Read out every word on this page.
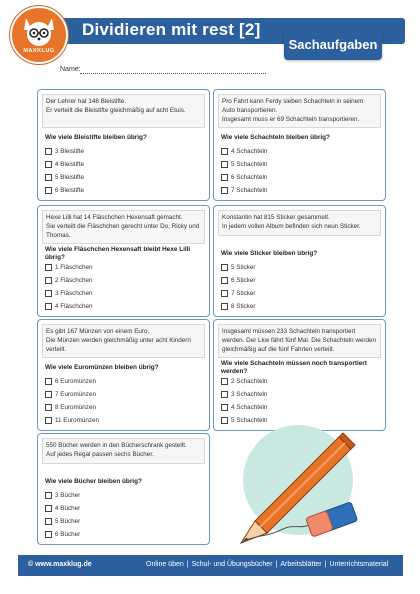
Dividieren mit rest [2]
Sachaufgaben
MAXKLUG
Name:
Der Lehrer hat 148 Bleistifte.
Er verteilt die Bleistifte gleichmäßig auf acht Etuis.
Wie viele Bleistifte bleiben übrig?
3 Bleistifte
4 Bleistifte
5 Bleistifte
6 Bleistifte
Pro Fahrt kann Ferdy sieben Schachteln in seinem Auto transportieren.
Insgesamt muss er 69 Schachteln transportieren.
Wie viele Schachteln bleiben übrig?
4 Schachteln
5 Schachteln
6 Schachteln
7 Schachteln
Hexe Lilli hat 14 Fläschchen Hexensaft gemacht.
Sie verteilt die Fläschchen gerecht unter Do, Ricky und Thomas.
Wie viele Fläschchen Hexensaft bleibt Hexe Lilli übrig?
1 Fläschchen
2 Fläschchen
3 Fläschchen
4 Fläschchen
Konstantin hat 815 Sticker gesammelt.
In jedem vollen Album befinden sich neun Sticker.
Wie viele Sticker bleiben übrig?
5 Sticker
6 Sticker
7 Sticker
8 Sticker
Es gibt 167 Münzen von einem Euro.
Die Münzen werden gleichmäßig unter acht Kindern verteilt.
Wie viele Euromünzen bleiben übrig?
6 Euromünzen
7 Euromünzen
8 Euromünzen
11 Euromünzen
Insgesamt müssen 233 Schachteln transportiert werden. Der Lkw fährt fünf Mal. Die Schachteln werden gleichmäßig auf die fünf Fahrten verteilt.
Wie viele Schachteln müssen noch transportiert werden?
2 Schachteln
3 Schachteln
4 Schachteln
5 Schachteln
550 Bücher werden in den Bücherschrank gestellt.
Auf jedes Regal passen sechs Bücher.
Wie viele Bücher bleiben übrig?
3 Bücher
4 Bücher
5 Bücher
6 Bücher
© www.maxklug.de	Online üben | Schul- und Übungsbücher | Arbeitsblätter | Unterrichtsmaterial
